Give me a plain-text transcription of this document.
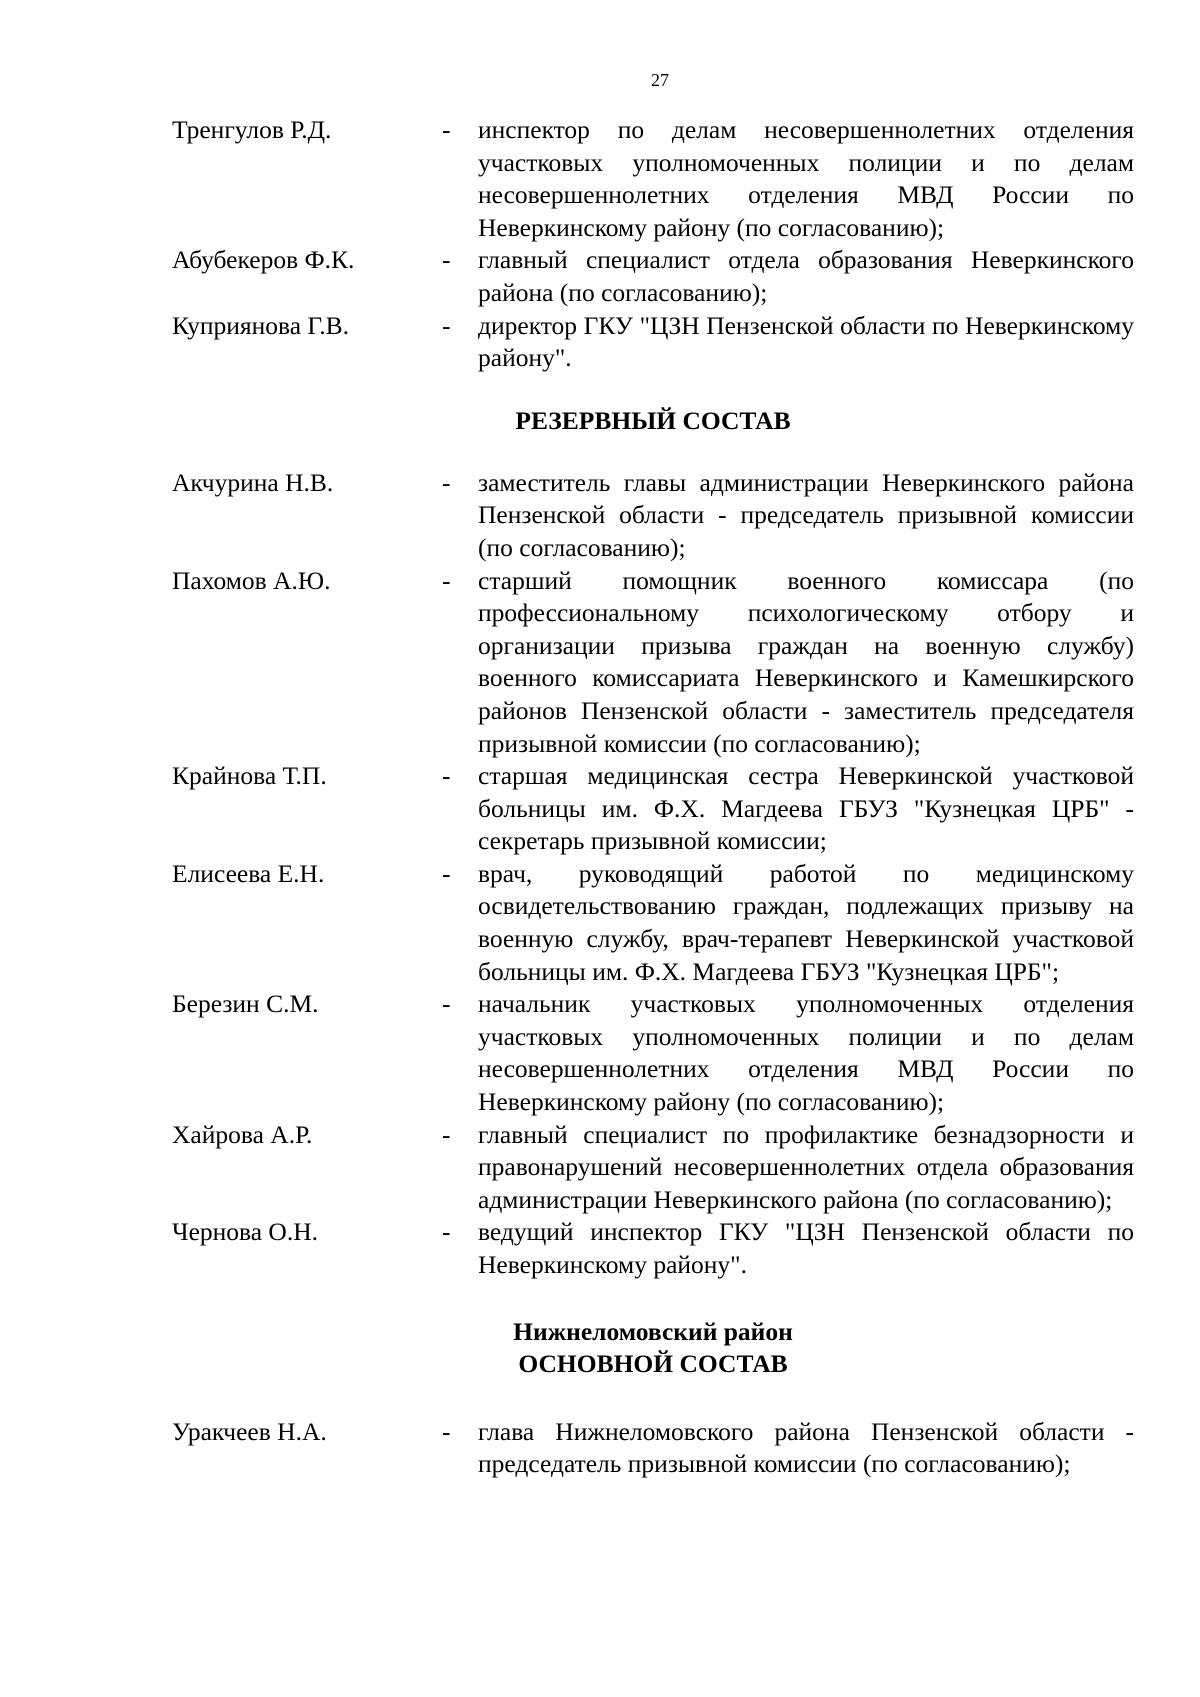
27
Тренгулов Р.Д.	-	инспектор по делам несовершеннолетних отделения участковых уполномоченных полиции и по делам несовершеннолетних отделения МВД России по Неверкинскому району (по согласованию);
Абубекеров Ф.К.	-	главный специалист отдела образования Неверкинского района (по согласованию);
Куприянова Г.В.	-	директор ГКУ "ЦЗН Пензенской области по Неверкинскому району".
РЕЗЕРВНЫЙ СОСТАВ
Акчурина Н.В.	-	заместитель главы администрации Неверкинского района Пензенской области - председатель призывной комиссии (по согласованию);
Пахомов А.Ю.	-	старший помощник военного комиссара (по профессиональному психологическому отбору и организации призыва граждан на военную службу) военного комиссариата Неверкинского и Камешкирского районов Пензенской области - заместитель председателя призывной комиссии (по согласованию);
Крайнова Т.П.	-	старшая медицинская сестра Неверкинской участковой больницы им. Ф.Х. Магдеева ГБУЗ "Кузнецкая ЦРБ" - секретарь призывной комиссии;
Елисеева Е.Н.	-	врач, руководящий работой по медицинскому освидетельствованию граждан, подлежащих призыву на военную службу, врач-терапевт Неверкинской участковой больницы им. Ф.Х. Магдеева ГБУЗ "Кузнецкая ЦРБ";
Березин С.М.	-	начальник участковых уполномоченных отделения участковых уполномоченных полиции и по делам несовершеннолетних отделения МВД России по Неверкинскому району (по согласованию);
Хайрова А.Р.	-	главный специалист по профилактике безнадзорности и правонарушений несовершеннолетних отдела образования администрации Неверкинского района (по согласованию);
Чернова О.Н.	-	ведущий инспектор ГКУ "ЦЗН Пензенской области по Неверкинскому району".
Нижнеломовский район
ОСНОВНОЙ СОСТАВ
Уракчеев Н.А.	-	глава Нижнеломовского района Пензенской области - председатель призывной комиссии (по согласованию);
